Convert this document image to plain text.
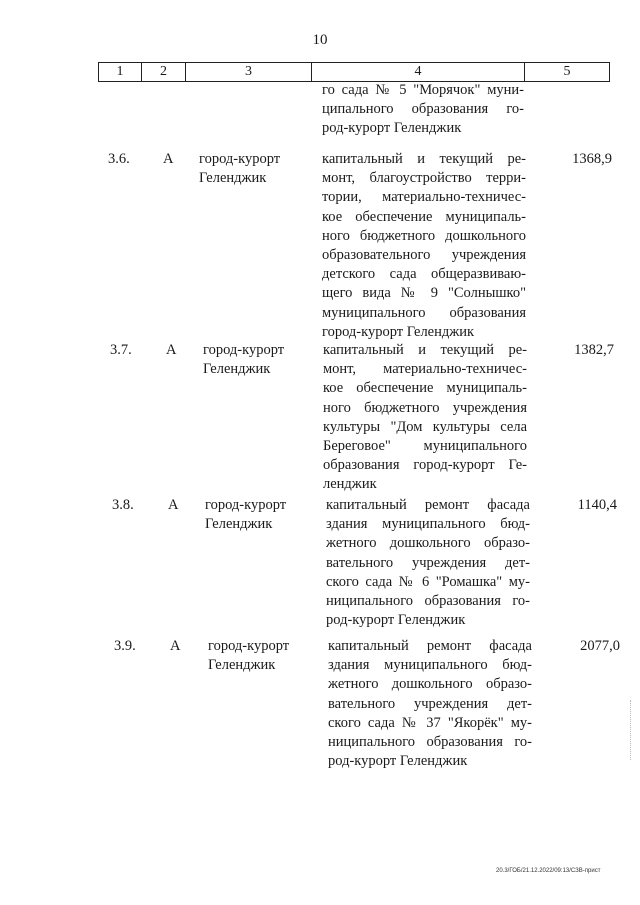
10
1	2	3	4	5
го сада № 5 "Морячок" муни-
ципального образования го-
род-курорт Геленджик
3.6. А город-курорт
Геленджик
капитальный и текущий ре-
монт, благоустройство терри-
тории, материально-техничес-
кое обеспечение муниципаль-
ного бюджетного дошкольного
образовательного учреждения
детского сада общеразвиваю-
щего вида № 9 "Солнышко"
муниципального образования
город-курорт Геленджик
1368,9
3.7. А город-курорт
Геленджик
капитальный и текущий ре-
монт, материально-техничес-
кое обеспечение муниципаль-
ного бюджетного учреждения
культуры "Дом культуры села
Береговое" муниципального
образования город-курорт Ге-
ленджик
1382,7
3.8. А город-курорт
Геленджик
капитальный ремонт фасада
здания муниципального бюд-
жетного дошкольного образо-
вательного учреждения дет-
ского сада № 6 "Ромашка" му-
ниципального образования го-
род-курорт Геленджик
1140,4
3.9. А город-курорт
Геленджик
капитальный ремонт фасада
здания муниципального бюд-
жетного дошкольного образо-
вательного учреждения дет-
ского сада № 37 "Якорёк" му-
ниципального образования го-
род-курорт Геленджик
2077,0
20.3/ГОБ/21.12.2022/09:13/СЗВ-прист
